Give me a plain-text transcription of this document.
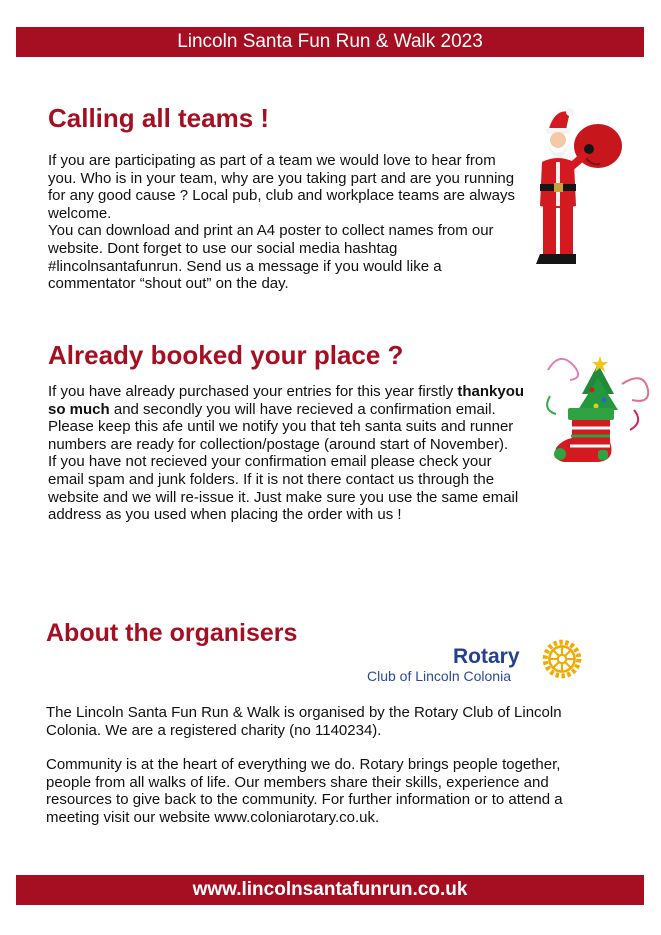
Lincoln Santa Fun Run & Walk 2023
Calling all teams !

If you are participating as part of a team we would love to hear from you. Who is in your team, why are you taking part and are you running for any good cause ? Local pub, club and workplace teams are always welcome.

You can download and print an A4 poster to collect names from our website. Dont forget to use our social media hashtag #lincolnsantafunrun. Send us a message if you would like a commentator “shout out” on the day.

Already booked your place ?

If you have already purchased your entries for this year firstly thankyou so much and secondly you will have recieved a confirmation email. Please keep this afe until we notify you that teh santa suits and runner numbers are ready for collection/postage (around start of November).

If you have not recieved your confirmation email please check your email spam and junk folders. If it is not there contact us through the website and we will re-issue it. Just make sure you use the same email address as you used when placing the order with us !

About the organisers
Rotary
Club of Lincoln Colonia

The Lincoln Santa Fun Run & Walk is organised by the Rotary Club of Lincoln Colonia. We are a registered charity (no 1140234).

Community is at the heart of everything we do. Rotary brings people together, people from all walks of life. Our members share their skills, experience and resources to give back to the community. For further information or to attend a meeting visit our website www.coloniarotary.co.uk.

www.lincolnsantafunrun.co.uk
